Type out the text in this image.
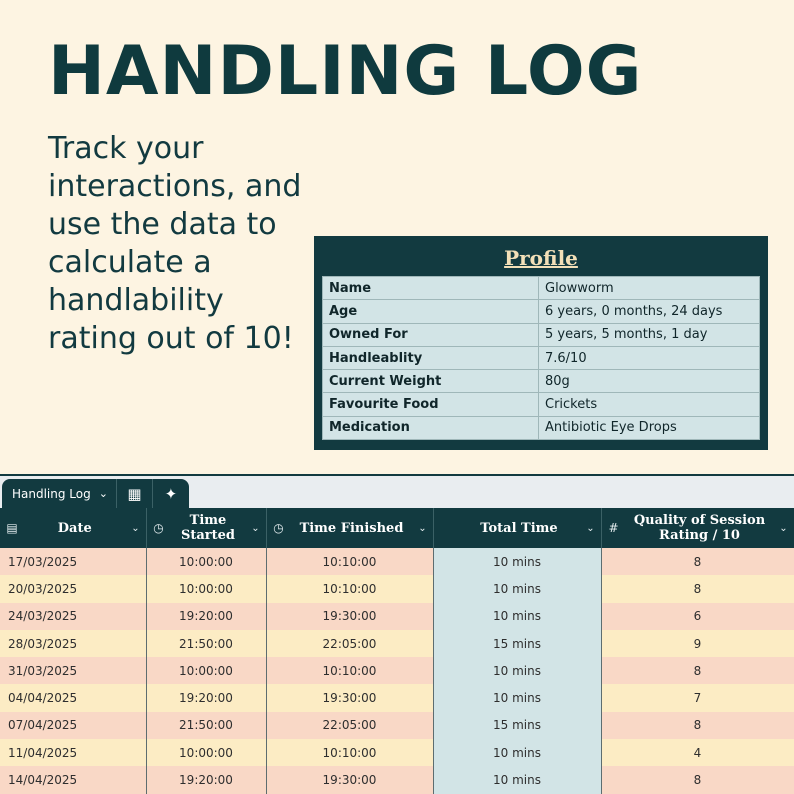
HANDLING LOG
Track your interactions, and use the data to calculate a handlability rating out of 10!
Profile
Name	Glowworm
Age	6 years, 0 months, 24 days
Owned For	5 years, 5 months, 1 day
Handleablity	7.6/10
Current Weight	80g
Favourite Food	Crickets
Medication	Antibiotic Eye Drops
Handling Log ⌄	▦	✦
▤ Date ⌄	◷ Time Started ⌄	◷ Time Finished ⌄	Total Time ⌄	# Quality of Session Rating / 10 ⌄

17/03/2025	10:00:00	10:10:00	10 mins	8
20/03/2025	10:00:00	10:10:00	10 mins	8
24/03/2025	19:20:00	19:30:00	10 mins	6
28/03/2025	21:50:00	22:05:00	15 mins	9
31/03/2025	10:00:00	10:10:00	10 mins	8
04/04/2025	19:20:00	19:30:00	10 mins	7
07/04/2025	21:50:00	22:05:00	15 mins	8
11/04/2025	10:00:00	10:10:00	10 mins	4
14/04/2025	19:20:00	19:30:00	10 mins	8
